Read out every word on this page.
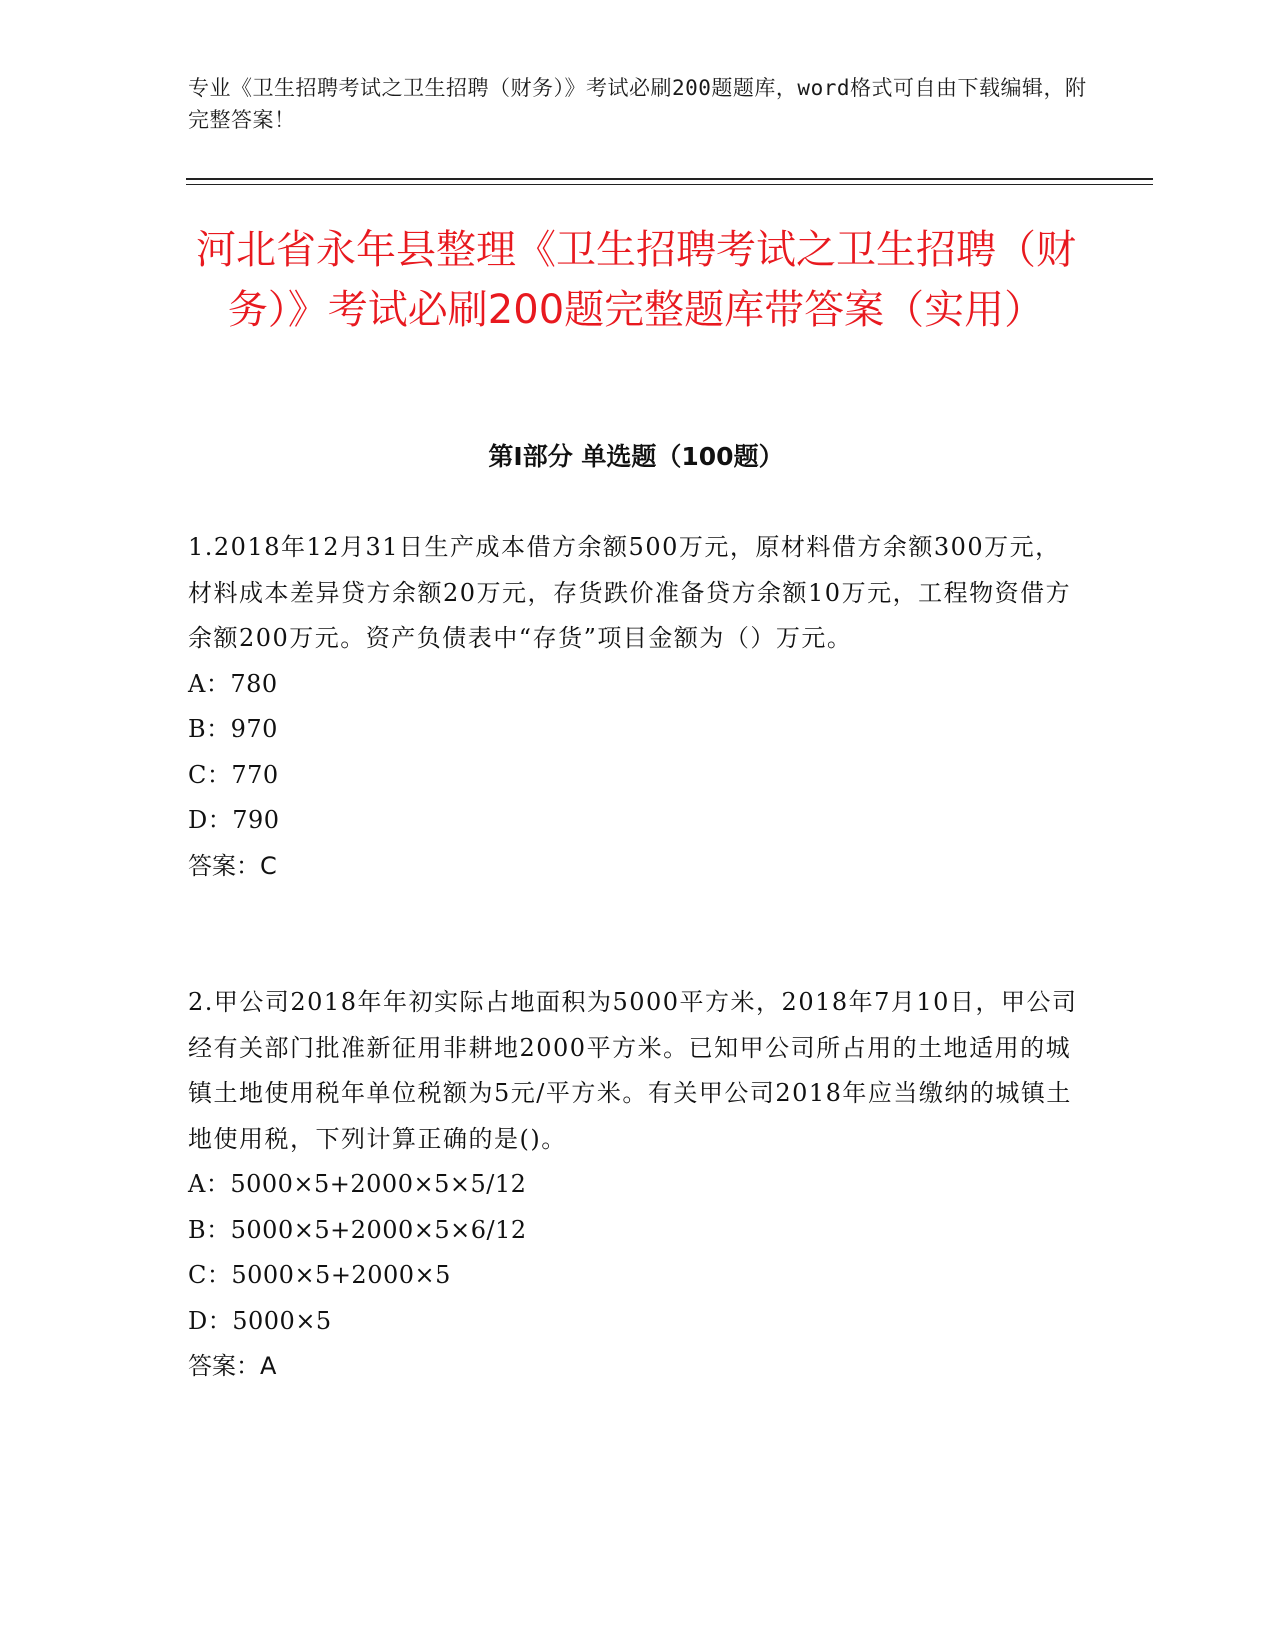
专业《卫生招聘考试之卫生招聘（财务）》考试必刷200题题库，word格式可自由下载编辑，附完整答案！
河北省永年县整理《卫生招聘考试之卫生招聘（财务）》考试必刷200题完整题库带答案（实用）
第I部分 单选题（100题）

1.2018年12月31日生产成本借方余额500万元，原材料借方余额300万元，材料成本差异贷方余额20万元，存货跌价准备贷方余额10万元，工程物资借方余额200万元。资产负债表中“存货”项目金额为（）万元。

A：780

B：970

C：770

D：790

答案：C

2.甲公司2018年年初实际占地面积为5000平方米，2018年7月10日，甲公司经有关部门批准新征用非耕地2000平方米。已知甲公司所占用的土地适用的城镇土地使用税年单位税额为5元/平方米。有关甲公司2018年应当缴纳的城镇土地使用税，下列计算正确的是()。

A：5000×5+2000×5×5/12

B：5000×5+2000×5×6/12

C：5000×5+2000×5

D：5000×5

答案：A
